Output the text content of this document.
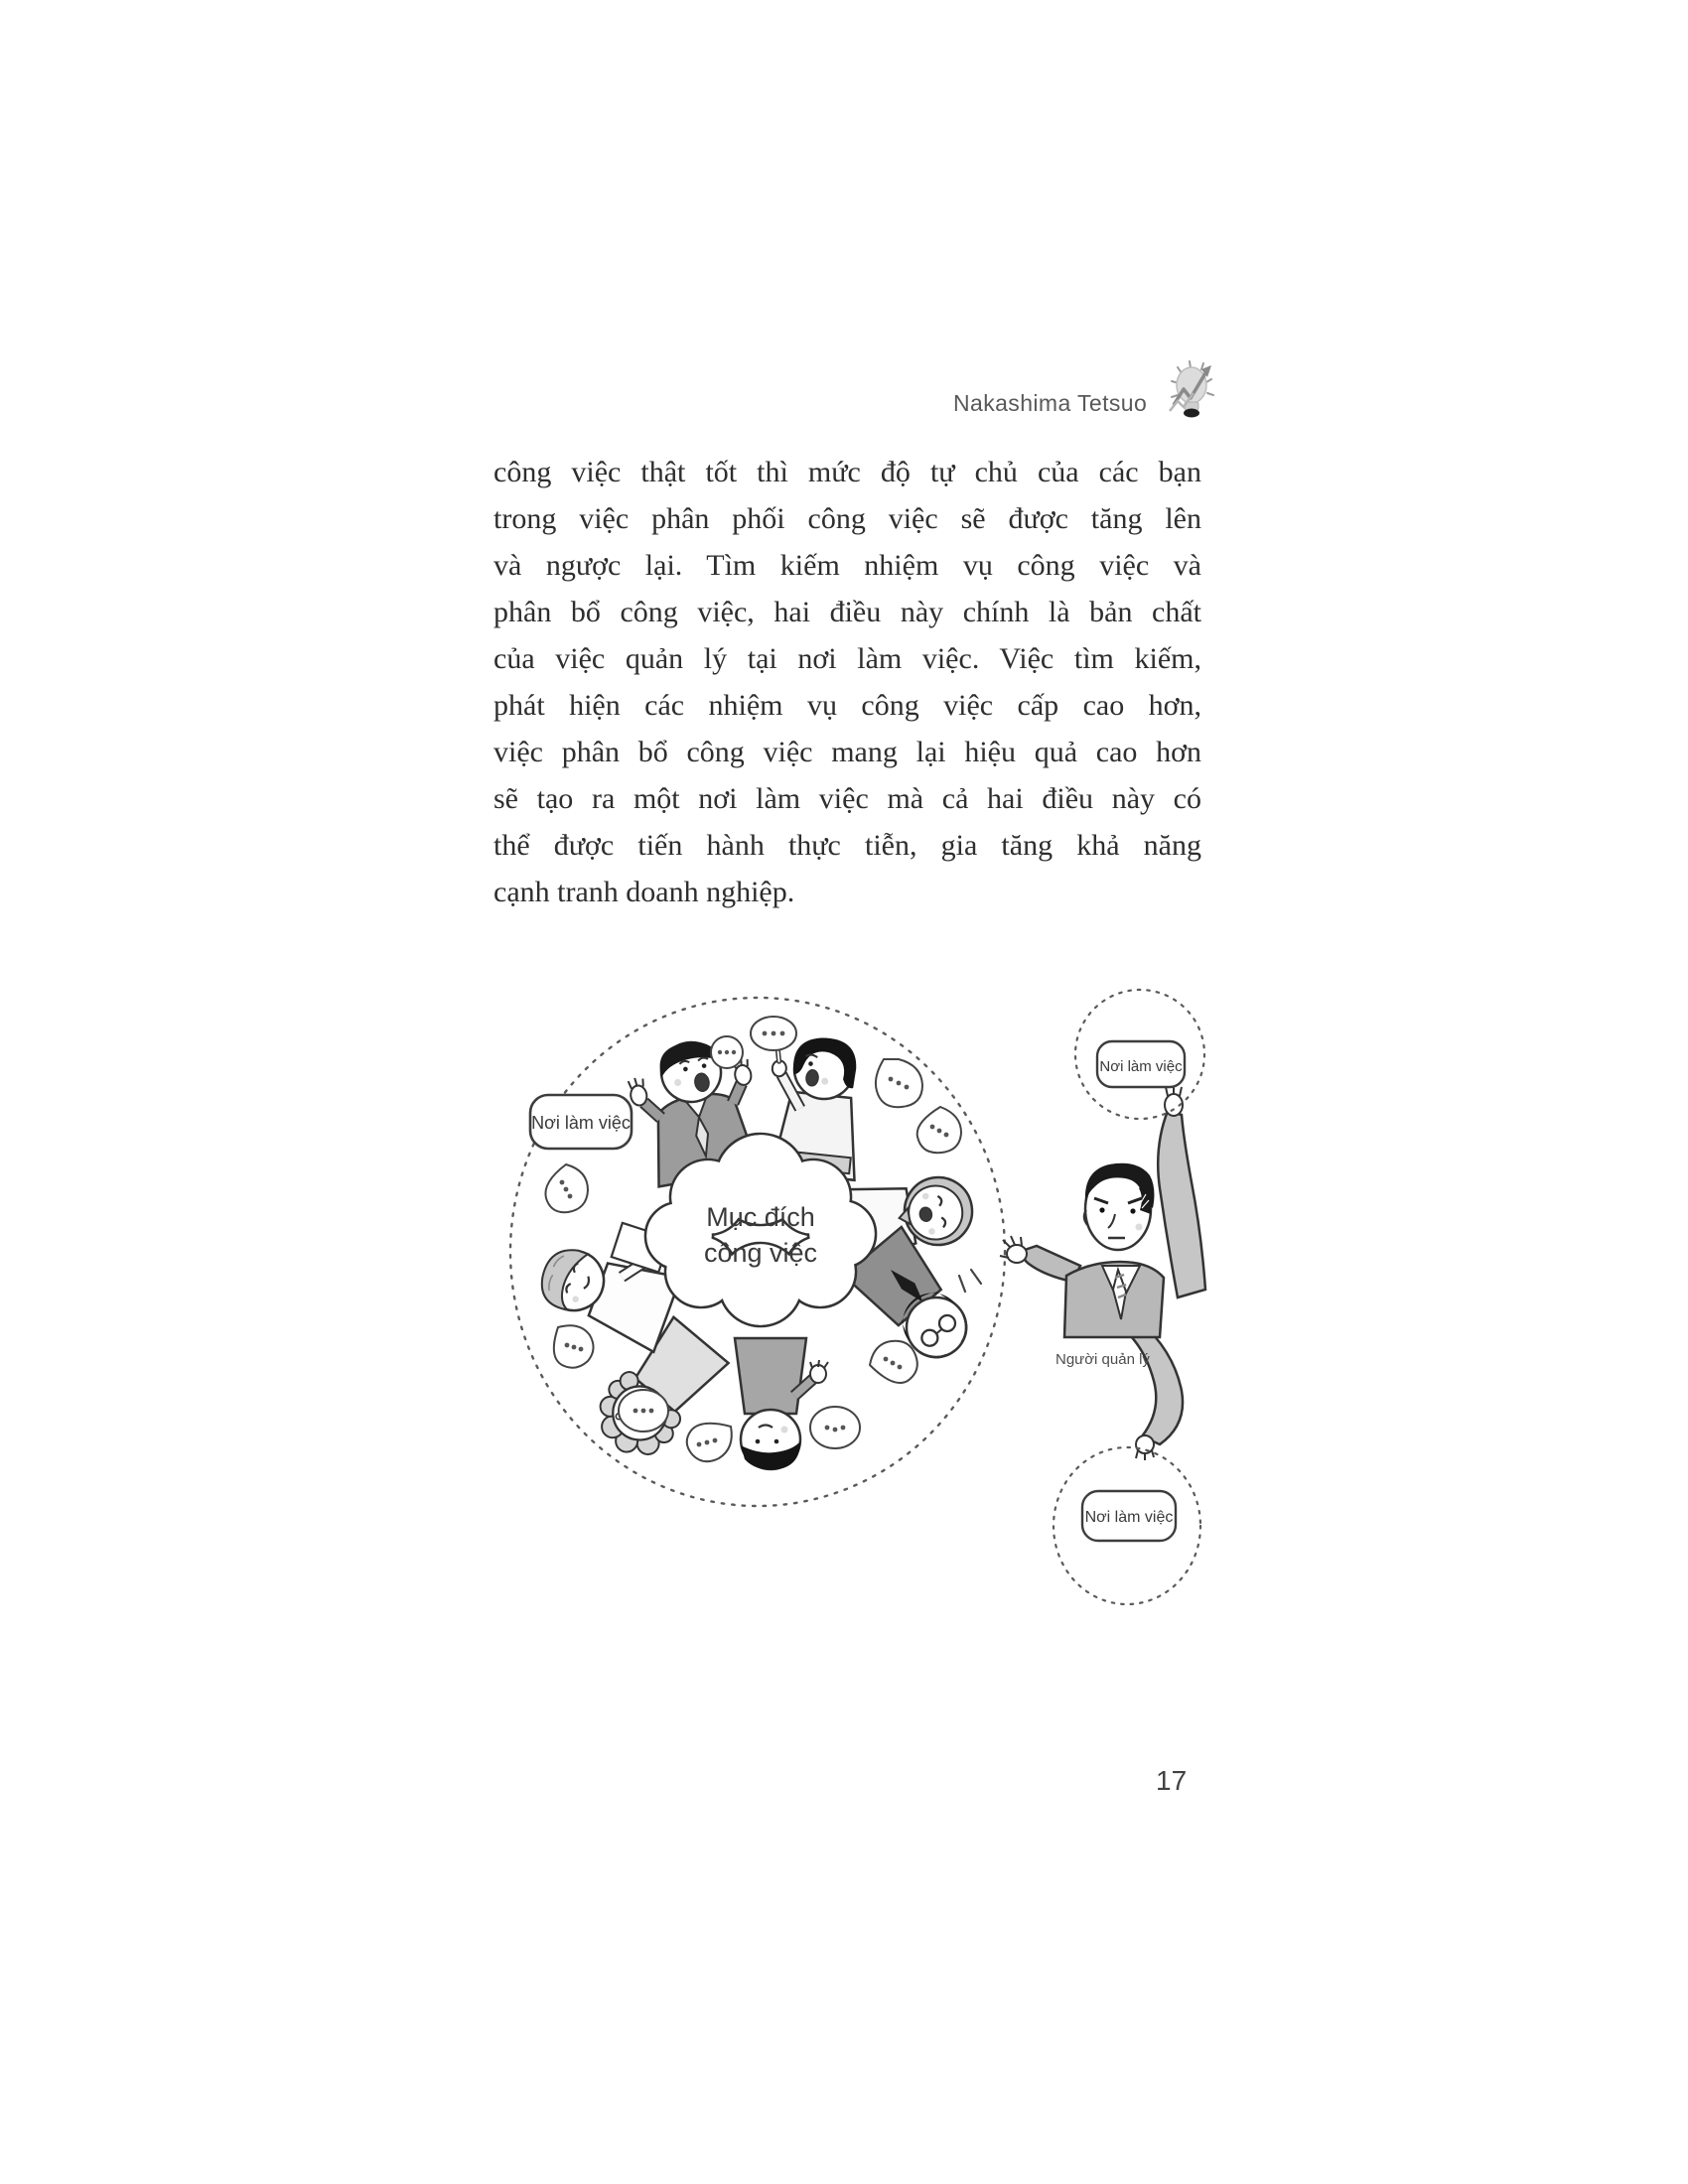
Nakashima Tetsuo
công việc thật tốt thì mức độ tự chủ của các bạn
trong việc phân phối công việc sẽ được tăng lên
và ngược lại. Tìm kiếm nhiệm vụ công việc và
phân bổ công việc, hai điều này chính là bản chất
của việc quản lý tại nơi làm việc. Việc tìm kiếm,
phát hiện các nhiệm vụ công việc cấp cao hơn,
việc phân bổ công việc mang lại hiệu quả cao hơn
sẽ tạo ra một nơi làm việc mà cả hai điều này có
thể được tiến hành thực tiễn, gia tăng khả năng
cạnh tranh doanh nghiệp.
Mục đích
công việc
Nơi làm việc
Người quản lý
Nơi làm việc
Nơi làm việc
17
